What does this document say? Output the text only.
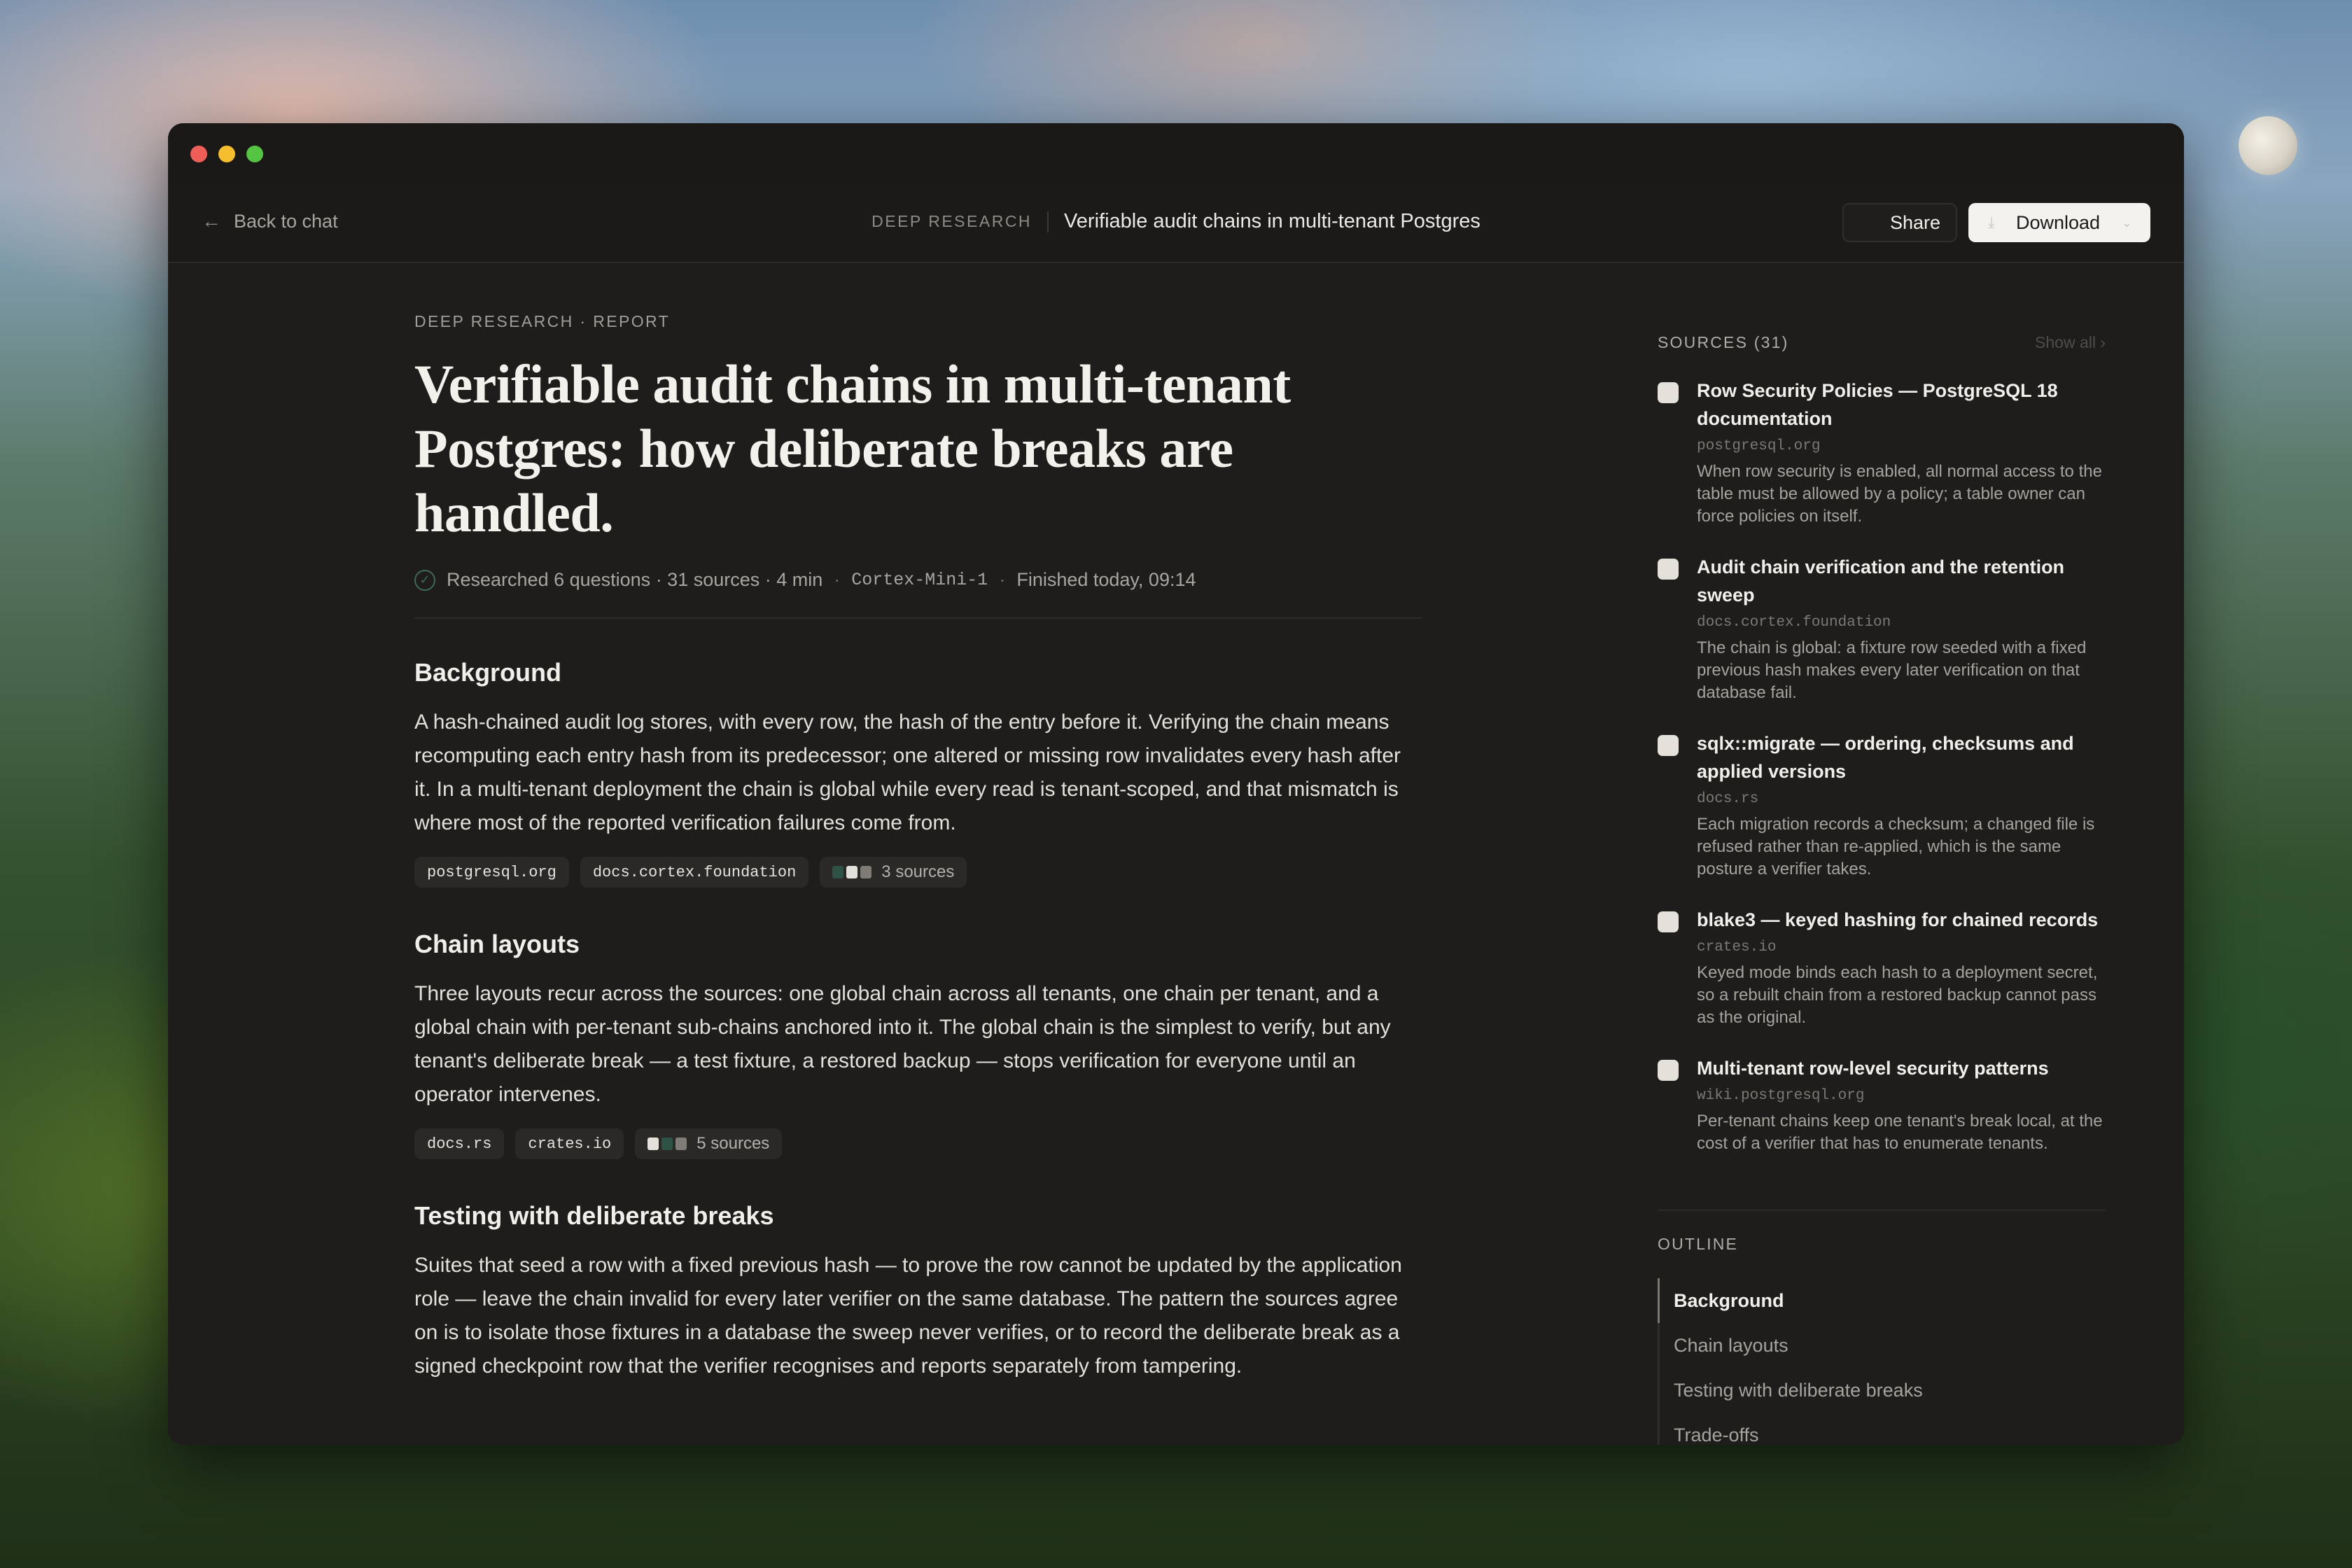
← Back to chat	DEEP RESEARCH Verifiable audit chains in multi-tenant Postgres	Share	⤓	Download ⌄
DEEP RESEARCH · REPORT
Verifiable audit chains in multi-tenant Postgres: how deliberate breaks are handled.
✓ Researched 6 questions · 31 sources · 4 min · Cortex-Mini-1 · Finished today, 09:14
Background

A hash-chained audit log stores, with every row, the hash of the entry before it. Verifying the chain means recomputing each entry hash from its predecessor; one altered or missing row invalidates every hash after it. In a multi-tenant deployment the chain is global while every read is tenant-scoped, and that mismatch is where most of the reported verification failures come from.

postgresql.org	docs.cortex.foundation	3 sources
Chain layouts

Three layouts recur across the sources: one global chain across all tenants, one chain per tenant, and a global chain with per-tenant sub-chains anchored into it. The global chain is the simplest to verify, but any tenant's deliberate break — a test fixture, a restored backup — stops verification for everyone until an operator intervenes.

docs.rs	crates.io	5 sources
Testing with deliberate breaks

Suites that seed a row with a fixed previous hash — to prove the row cannot be updated by the application role — leave the chain invalid for every later verifier on the same database. The pattern the sources agree on is to isolate those fixtures in a database the sweep never verifies, or to record the deliberate break as a signed checkpoint row that the verifier recognises and reports separately from tampering.

SOURCES (31)	Show all ›
Row Security Policies — PostgreSQL 18 documentation
postgresql.org
When row security is enabled, all normal access to the table must be allowed by a policy; a table owner can force policies on itself.
Audit chain verification and the retention sweep
docs.cortex.foundation
The chain is global: a fixture row seeded with a fixed previous hash makes every later verification on that database fail.
sqlx::migrate — ordering, checksums and applied versions
docs.rs
Each migration records a checksum; a changed file is refused rather than re-applied, which is the same posture a verifier takes.
blake3 — keyed hashing for chained records
crates.io
Keyed mode binds each hash to a deployment secret, so a rebuilt chain from a restored backup cannot pass as the original.
Multi-tenant row-level security patterns
wiki.postgresql.org
Per-tenant chains keep one tenant's break local, at the cost of a verifier that has to enumerate tenants.
OUTLINE
Background
Chain layouts
Testing with deliberate breaks
Trade-offs
